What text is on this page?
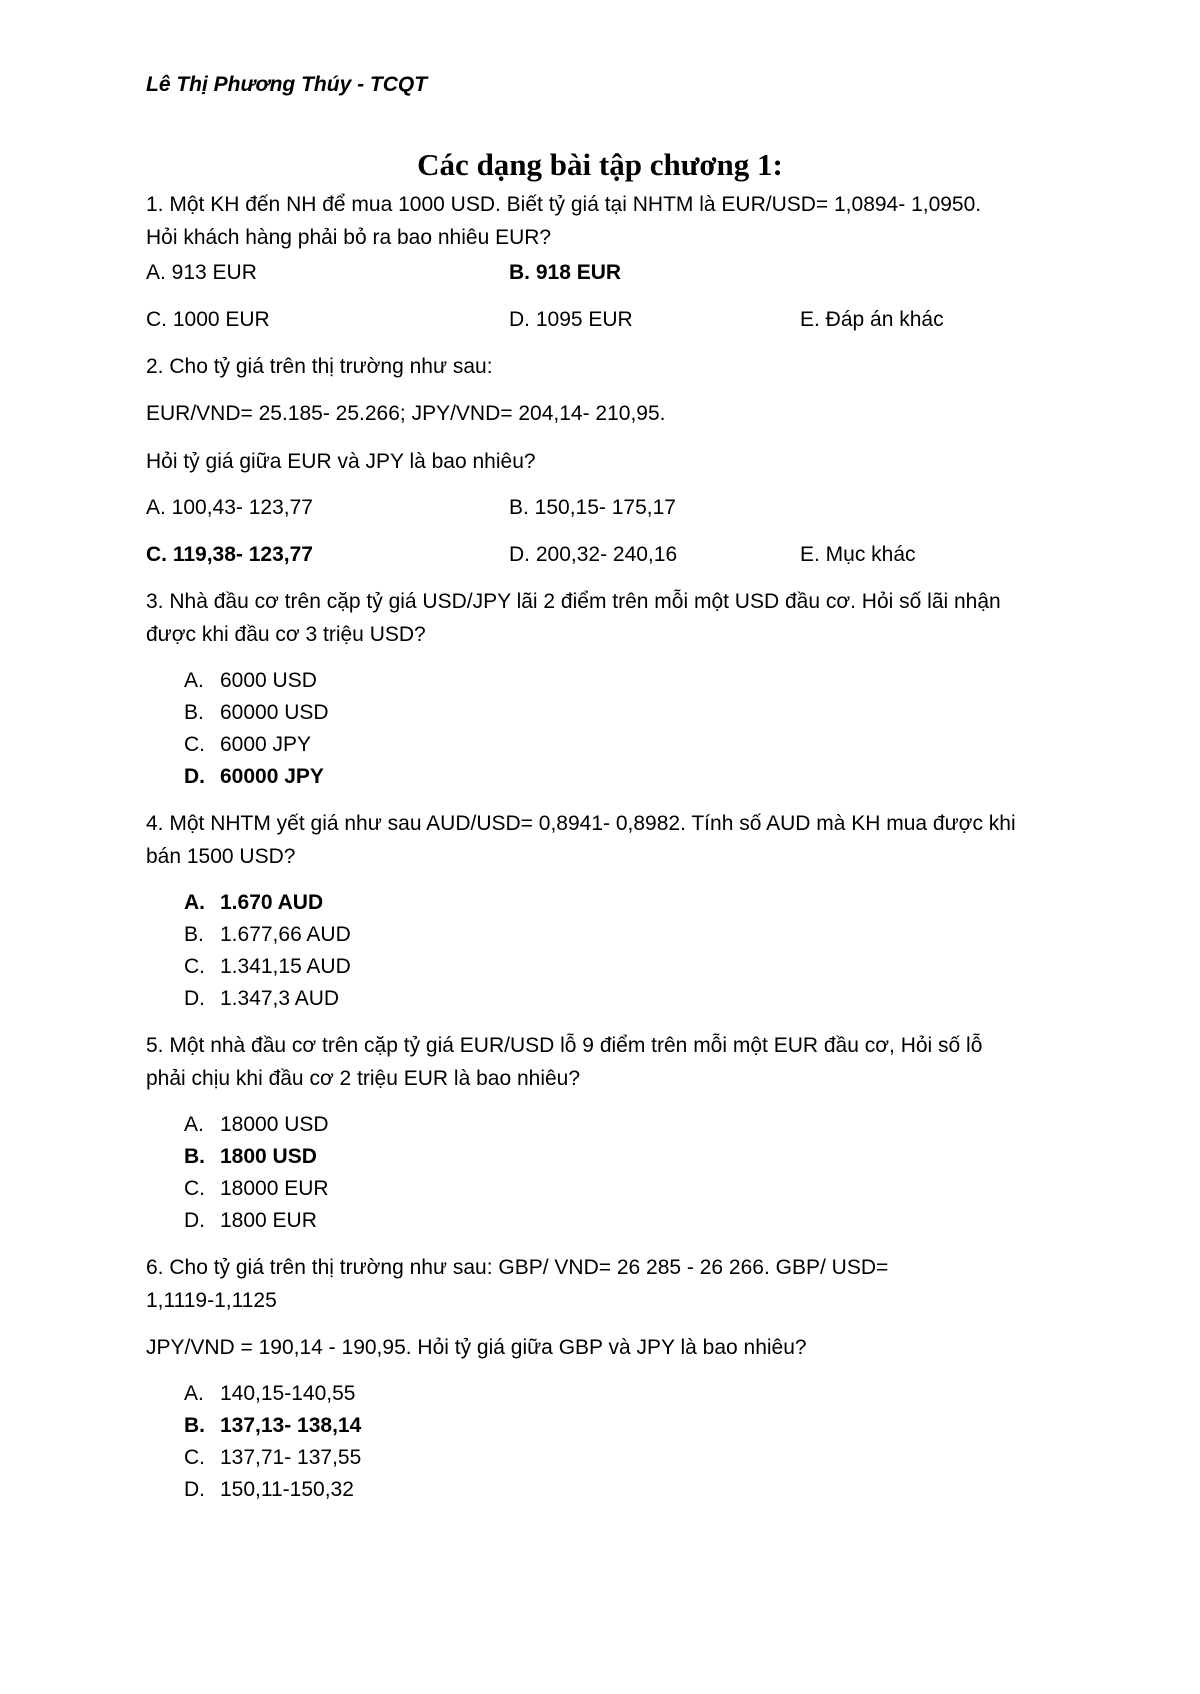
Lê Thị Phương Thúy - TCQT
Các dạng bài tập chương 1:
1. Một KH đến NH để mua 1000 USD. Biết tỷ giá tại NHTM là EUR/USD= 1,0894- 1,0950.
Hỏi khách hàng phải bỏ ra bao nhiêu EUR?
A. 913 EUR	B. 918 EUR
C. 1000 EUR	D. 1095 EUR	E. Đáp án khác
2. Cho tỷ giá trên thị trường như sau:
EUR/VND= 25.185- 25.266; JPY/VND= 204,14- 210,95.
Hỏi tỷ giá giữa EUR và JPY là bao nhiêu?
A. 100,43- 123,77	B. 150,15- 175,17
C. 119,38- 123,77	D. 200,32- 240,16	E. Mục khác
3. Nhà đầu cơ trên cặp tỷ giá USD/JPY lãi 2 điểm trên mỗi một USD đầu cơ. Hỏi số lãi nhận
được khi đầu cơ 3 triệu USD?
A. 6000 USD
B. 60000 USD
C. 6000 JPY
D. 60000 JPY
4. Một NHTM yết giá như sau AUD/USD= 0,8941- 0,8982. Tính số AUD mà KH mua được khi
bán 1500 USD?
A. 1.670 AUD
B. 1.677,66 AUD
C. 1.341,15 AUD
D. 1.347,3 AUD
5. Một nhà đầu cơ trên cặp tỷ giá EUR/USD lỗ 9 điểm trên mỗi một EUR đầu cơ, Hỏi số lỗ
phải chịu khi đầu cơ 2 triệu EUR là bao nhiêu?
A. 18000 USD
B. 1800 USD
C. 18000 EUR
D. 1800 EUR
6. Cho tỷ giá trên thị trường như sau: GBP/ VND= 26 285 - 26 266. GBP/ USD=
1,1119-1,1125
JPY/VND = 190,14 - 190,95. Hỏi tỷ giá giữa GBP và JPY là bao nhiêu?
A. 140,15-140,55
B. 137,13- 138,14
C. 137,71- 137,55
D. 150,11-150,32
